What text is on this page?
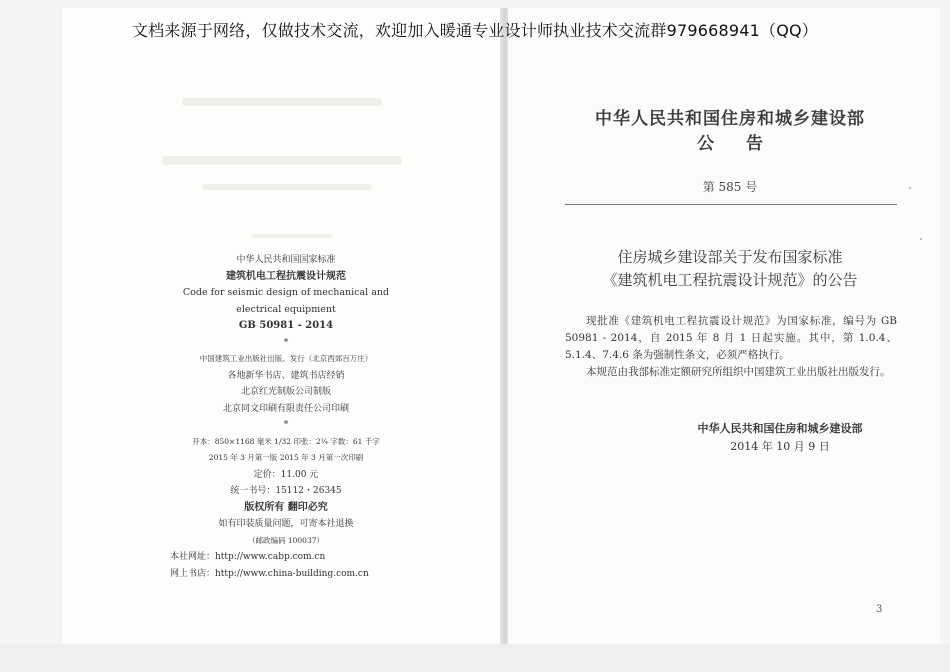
文档来源于网络，仅做技术交流，欢迎加入暖通专业设计师执业技术交流群979668941（QQ）
中华人民共和国国家标准
建筑机电工程抗震设计规范
Code for seismic design of mechanical and
electrical equipment
GB 50981 - 2014
*
中国建筑工业出版社出版、发行（北京西郊百万庄）
各地新华书店、建筑书店经销
北京红光制版公司制版
北京同文印刷有限责任公司印刷
*
开本：850×1168 毫米 1/32 印张：2¼ 字数：61 千字
2015 年 3 月第一版 2015 年 3 月第一次印刷
定价：11.00 元
统一书号：15112・26345
版权所有 翻印必究
如有印装质量问题，可寄本社退换
（邮政编码 100037）
本社网址：http://www.cabp.com.cn
网上书店：http://www.china-building.com.cn
中华人民共和国住房和城乡建设部
公告
第 585 号
住房城乡建设部关于发布国家标准
《建筑机电工程抗震设计规范》的公告

现批准《建筑机电工程抗震设计规范》为国家标准，编号为 GB 50981 - 2014，自 2015 年 8 月 1 日起实施。其中，第 1.0.4、5.1.4、7.4.6 条为强制性条文，必须严格执行。

本规范由我部标准定额研究所组织中国建筑工业出版社出版发行。

中华人民共和国住房和城乡建设部
2014 年 10 月 9 日
3
